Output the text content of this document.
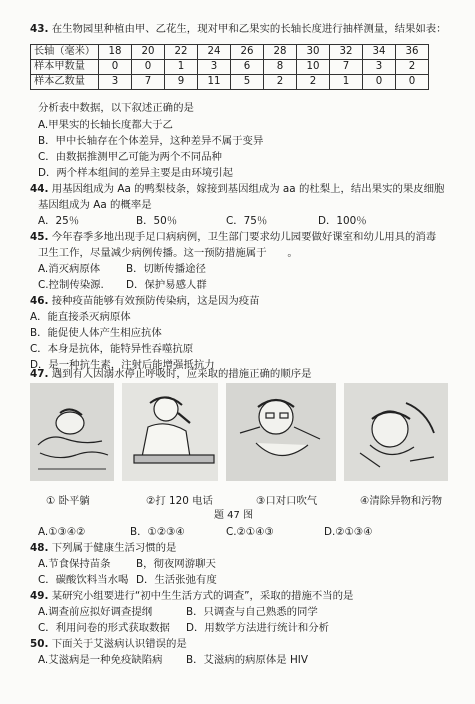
43. 在生物园里种植由甲、乙花生，现对甲和乙果实的长轴长度进行抽样测量，结果如表：
长轴（毫米）	18	20	22	24	26	28	30	32	34	36
样本甲数量	0	0	1	3	6	8	10	7	3	2
样本乙数量	3	7	9	11	5	2	2	1	0	0
分析表中数据，以下叙述正确的是
A.甲果实的长轴长度都大于乙
B．甲中长轴存在个体差异，这种差异不属于变异
C．由数据推测甲乙可能为两个不同品种
D．两个样本组间的差异主要是由环境引起
44. 用基因组成为 Aa 的鸭梨枝条，嫁接到基因组成为 aa 的杜梨上，结出果实的果皮细胞
基因组成为 Aa 的概率是
A．25％	B．50％	C．75％	D．100％
45. 今年春季多地出现手足口病病例，卫生部门要求幼儿园要做好课室和幼儿用具的消毒
卫生工作，尽量减少病例传播。这一预防措施属于　　。
A.消灭病原体 B．切断传播途径
C.控制传染源. D．保护易感人群
46. 接种疫苗能够有效预防传染病，这是因为疫苗
A．能直接杀灭病原体
B．能促使人体产生相应抗体
C．本身是抗体，能特异性吞噬抗原
D．是一种抗生素，注射后能增强抵抗力
47. 遇到有人因溺水停止呼吸时，应采取的措施正确的顺序是
① 卧平躺	②打 120 电话	③口对口吹气	④清除异物和污物
题 47 图
A.①③④②	B．①②③④	C.②①④③	D.②①③④
48. 下列属于健康生活习惯的是
A.节食保持苗条 B，彻夜网游聊天
C．碳酸饮料当水喝 D．生活张弛有度
49. 某研究小组要进行“初中生生活方式的调查”，采取的措施不当的是
A.调查前应拟好调查提纲	B．只调查与自己熟悉的同学
C．利用问卷的形式获取数据 D．用数学方法进行统计和分析
50. 下面关于艾滋病认识错误的是
A.艾滋病是一种免疫缺陷病 B．艾滋病的病原体是 HIV
